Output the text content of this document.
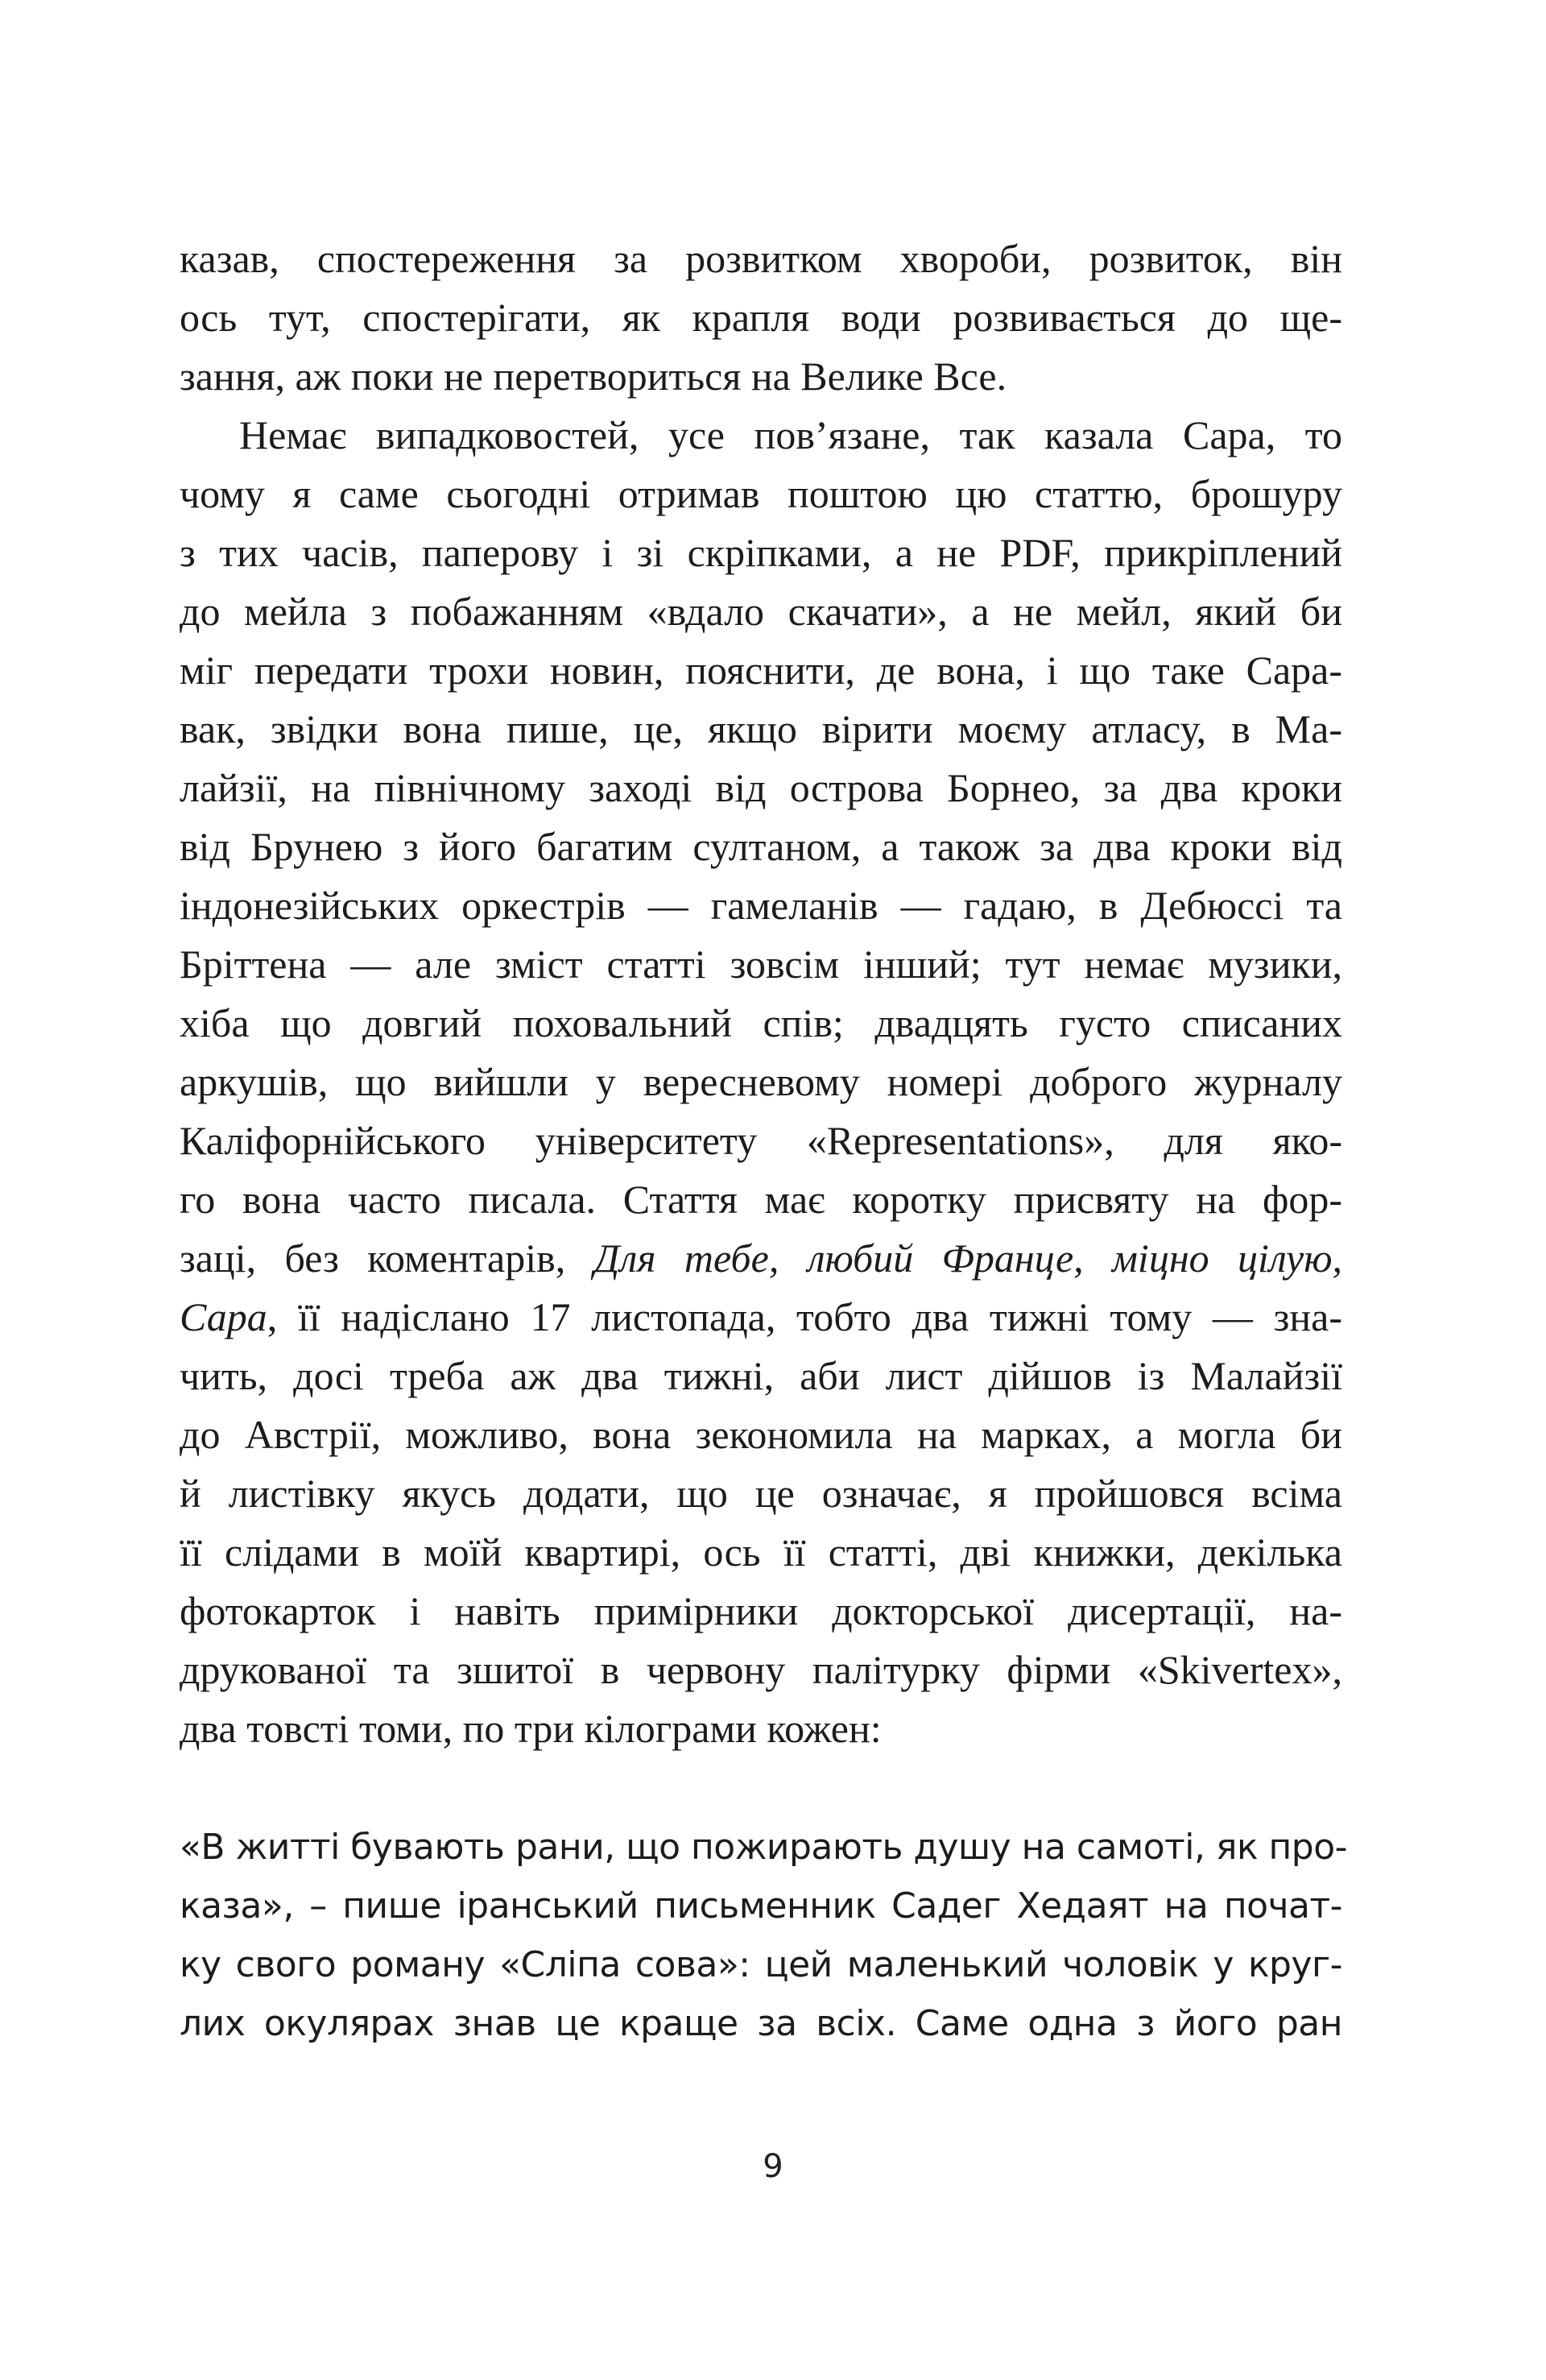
казав, спостереження за розвитком хвороби, розвиток, він
ось тут, спостерігати, як крапля води розвивається до ще-
зання, аж поки не перетвориться на Велике Все.
Немає випадковостей, усе пов’язане, так казала Сара, то
чому я саме сьогодні отримав поштою цю статтю, брошуру
з тих часів, паперову і зі скріпками, а не PDF, прикріплений
до мейла з побажанням «вдало скачати», а не мейл, який би
міг передати трохи новин, пояснити, де вона, і що таке Сара-
вак, звідки вона пише, це, якщо вірити моєму атласу, в Ма-
лайзії, на північному заході від острова Борнео, за два кроки
від Брунею з його багатим султаном, а також за два кроки від
індонезійських оркестрів — гамеланів — гадаю, в Дебюссі та
Бріттена — але зміст статті зовсім інший; тут немає музики,
хіба що довгий поховальний спів; двадцять густо списаних
аркушів, що вийшли у вересневому номері доброго журналу
Каліфорнійського університету «Representations», для яко-
го вона часто писала. Стаття має коротку присвяту на фор-
заці, без коментарів, Для тебе, любий Франце, міцно цілую,
Сара, її надіслано 17 листопада, тобто два тижні тому — зна-
чить, досі треба аж два тижні, аби лист дійшов із Малайзії
до Австрії, можливо, вона зекономила на марках, а могла би
й листівку якусь додати, що це означає, я пройшовся всіма
її слідами в моїй квартирі, ось її статті, дві книжки, декілька
фотокарток і навіть примірники докторської дисертації, на-
друкованої та зшитої в червону палітурку фірми «Skivertex»,
два товсті томи, по три кілограми кожен:
«В житті бувають рани, що пожирають душу на самоті, як про-
каза», – пише іранський письменник Садег Хедаят на почат-
ку свого роману «Сліпа сова»: цей маленький чоловік у круг-
лих окулярах знав це краще за всіх. Саме одна з його ран
9
